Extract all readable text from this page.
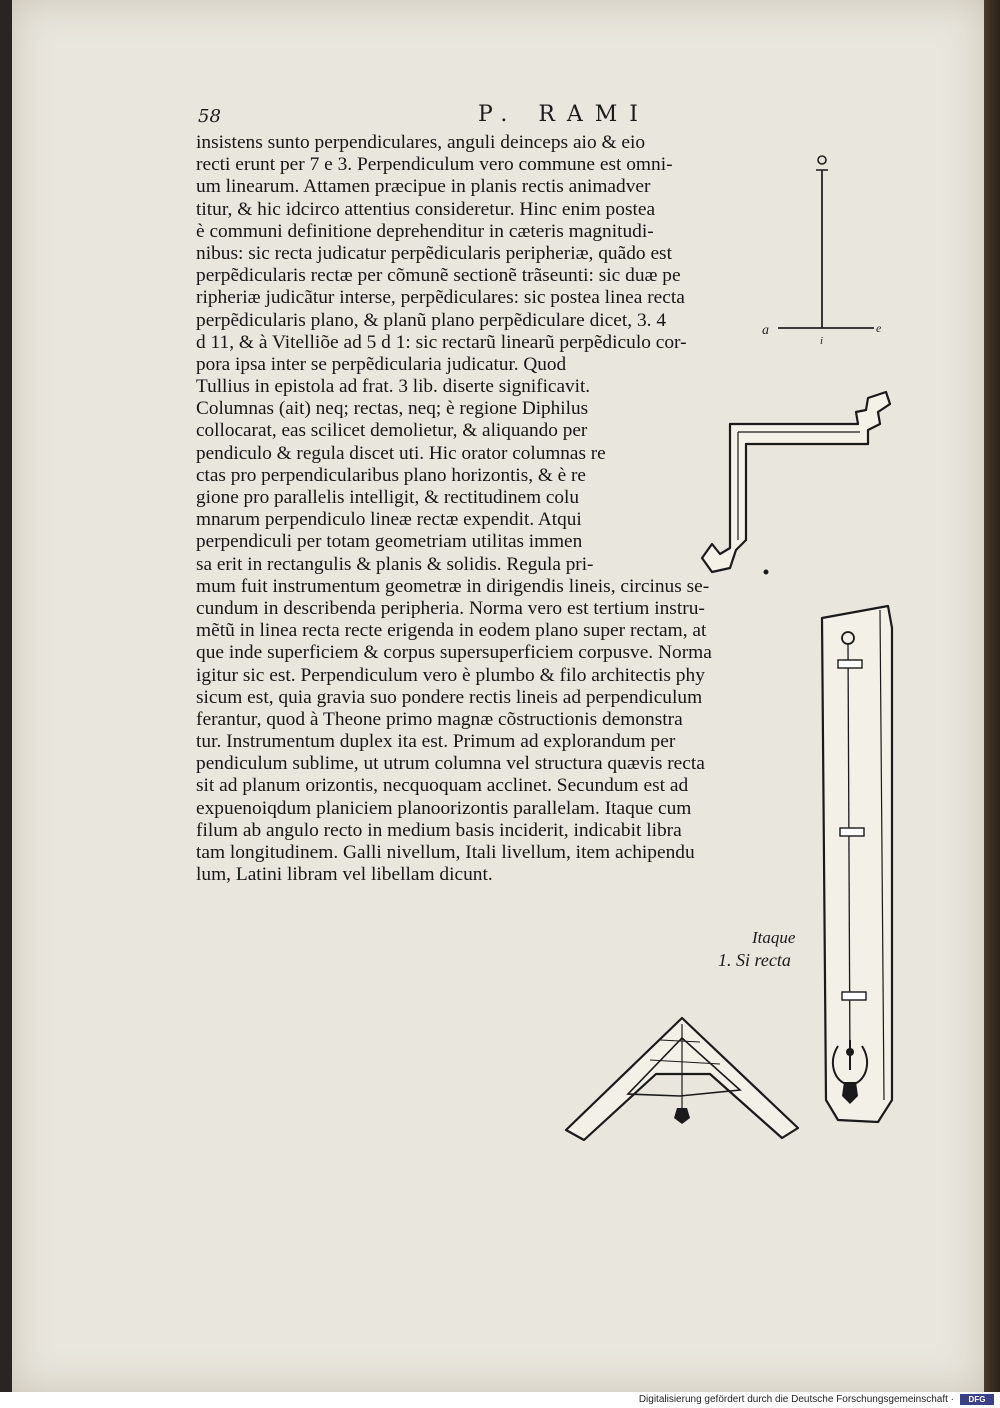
58	P. RAMI
insistens sunto perpendiculares, anguli deinceps aio & eio
recti erunt per 7 e 3. Perpendiculum vero commune est omni-
um linearum. Attamen præcipue in planis rectis animadver
titur, & hic idcirco attentius consideretur. Hinc enim postea
è communi definitione deprehenditur in cæteris magnitudi-
nibus: sic recta judicatur perpẽdicularis peripheriæ, quãdo est
perpẽdicularis rectæ per cõmunẽ sectionẽ trãseunti: sic duæ pe
ripheriæ judicãtur interse, perpẽdiculares: sic postea linea recta
perpẽdicularis plano, & planũ plano perpẽdiculare dicet, 3. 4
d 11, & à Vitelliõe ad 5 d 1: sic rectarũ linearũ perpẽdiculo cor-
pora ipsa inter se perpẽdicularia judicatur. Quod
Tullius in epistola ad frat. 3 lib. diserte significavit.
Columnas (ait) neq; rectas, neq; è regione Diphilus
collocarat, eas scilicet demolietur, & aliquando per
pendiculo & regula discet uti. Hic orator columnas re
ctas pro perpendicularibus plano horizontis, & è re
gione pro parallelis intelligit, & rectitudinem colu
mnarum perpendiculo lineæ rectæ expendit. Atqui
perpendiculi per totam geometriam utilitas immen
sa erit in rectangulis & planis & solidis. Regula pri-
mum fuit instrumentum geometræ in dirigendis lineis, circinus se-
cundum in describenda peripheria. Norma vero est tertium instru-
mẽtũ in linea recta recte erigenda in eodem plano super rectam, at
que inde superficiem & corpus supersuperficiem corpusve. Norma
igitur sic est. Perpendiculum vero è plumbo & filo architectis phy
sicum est, quia gravia suo pondere rectis lineis ad perpendiculum
ferantur, quod à Theone primo magnæ cõstructionis demonstra
tur. Instrumentum duplex ita est. Primum ad explorandum per
pendiculum sublime, ut utrum columna vel structura quævis recta
sit ad planum orizontis, necquoquam acclinet. Secundum est ad
expuenoiqdum planiciem planoorizontis parallelam. Itaque cum
filum ab angulo recto in medium basis inciderit, indicabit libra
tam longitudinem. Galli nivellum, Itali livellum, item achipendu
lum, Latini libram vel libellam dicunt.
a	e
i
Itaque
1. Si recta
Digitalisierung gefördert durch die Deutsche Forschungsgemeinschaft ·	DFG
